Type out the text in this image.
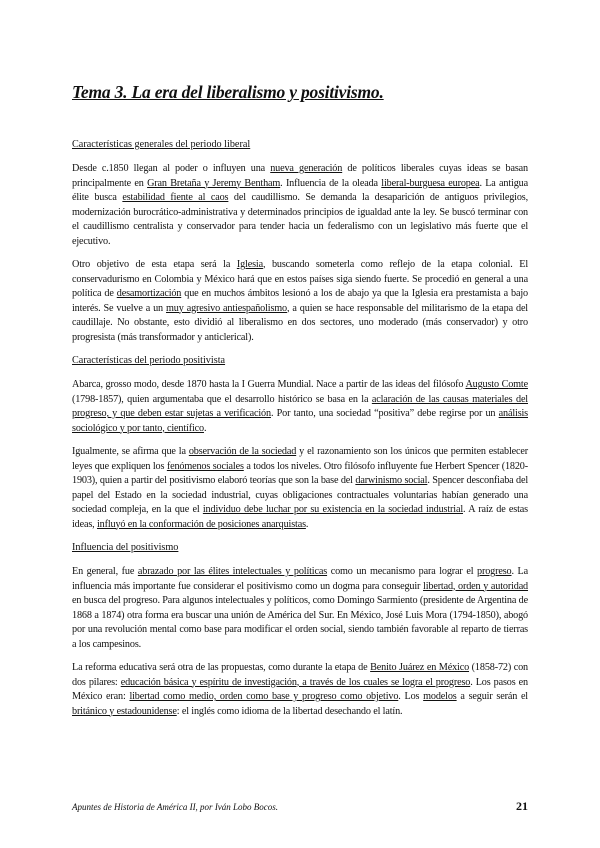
Tema 3. La era del liberalismo y positivismo.

Características generales del periodo liberal

Desde c.1850 llegan al poder o influyen una nueva generación de políticos liberales cuyas ideas se basan principalmente en Gran Bretaña y Jeremy Bentham. Influencia de la oleada liberal-burguesa europea. La antigua élite busca estabilidad fiente al caos del caudillismo. Se demanda la desaparición de antiguos privilegios, modernización burocrático-administrativa y determinados principios de igualdad ante la ley. Se buscó terminar con el caudillismo centralista y conservador para tender hacia un federalismo con un legislativo más fuerte que el ejecutivo.

Otro objetivo de esta etapa será la Iglesia, buscando someterla como reflejo de la etapa colonial. El conservadurismo en Colombia y México hará que en estos países siga siendo fuerte. Se procedió en general a una política de desamortización que en muchos ámbitos lesionó a los de abajo ya que la Iglesia era prestamista a bajo interés. Se vuelve a un muy agresivo antiespañolismo, a quien se hace responsable del militarismo de la etapa del caudillaje. No obstante, esto dividió al liberalismo en dos sectores, uno moderado (más conservador) y otro progresista (más transformador y anticlerical).

Características del periodo positivista

Abarca, grosso modo, desde 1870 hasta la I Guerra Mundial. Nace a partir de las ideas del filósofo Augusto Comte (1798-1857), quien argumentaba que el desarrollo histórico se basa en la aclaración de las causas materiales del progreso, y que deben estar sujetas a verificación. Por tanto, una sociedad “positiva” debe regirse por un análisis sociológico y por tanto, científico.

Igualmente, se afirma que la observación de la sociedad y el razonamiento son los únicos que permiten establecer leyes que expliquen los fenómenos sociales a todos los niveles. Otro filósofo influyente fue Herbert Spencer (1820-1903), quien a partir del positivismo elaboró teorías que son la base del darwinismo social. Spencer desconfiaba del papel del Estado en la sociedad industrial, cuyas obligaciones contractuales voluntarias habían generado una sociedad compleja, en la que el individuo debe luchar por su existencia en la sociedad industrial. A raíz de estas ideas, influyó en la conformación de posiciones anarquistas.

Influencia del positivismo

En general, fue abrazado por las élites intelectuales y políticas como un mecanismo para lograr el progreso. La influencia más importante fue considerar el positivismo como un dogma para conseguir libertad, orden y autoridad en busca del progreso. Para algunos intelectuales y políticos, como Domingo Sarmiento (presidente de Argentina de 1868 a 1874) otra forma era buscar una unión de América del Sur. En México, José Luis Mora (1794-1850), abogó por una revolución mental como base para modificar el orden social, siendo también favorable al reparto de tierras a los campesinos.

La reforma educativa será otra de las propuestas, como durante la etapa de Benito Juárez en México (1858-72) con dos pilares: educación básica y espíritu de investigación, a través de los cuales se logra el progreso. Los pasos en México eran: libertad como medio, orden como base y progreso como objetivo. Los modelos a seguir serán el británico y estadounidense: el inglés como idioma de la libertad desechando el latín.

Apuntes de Historia de América II, por Iván Lobo Bocos.	21
